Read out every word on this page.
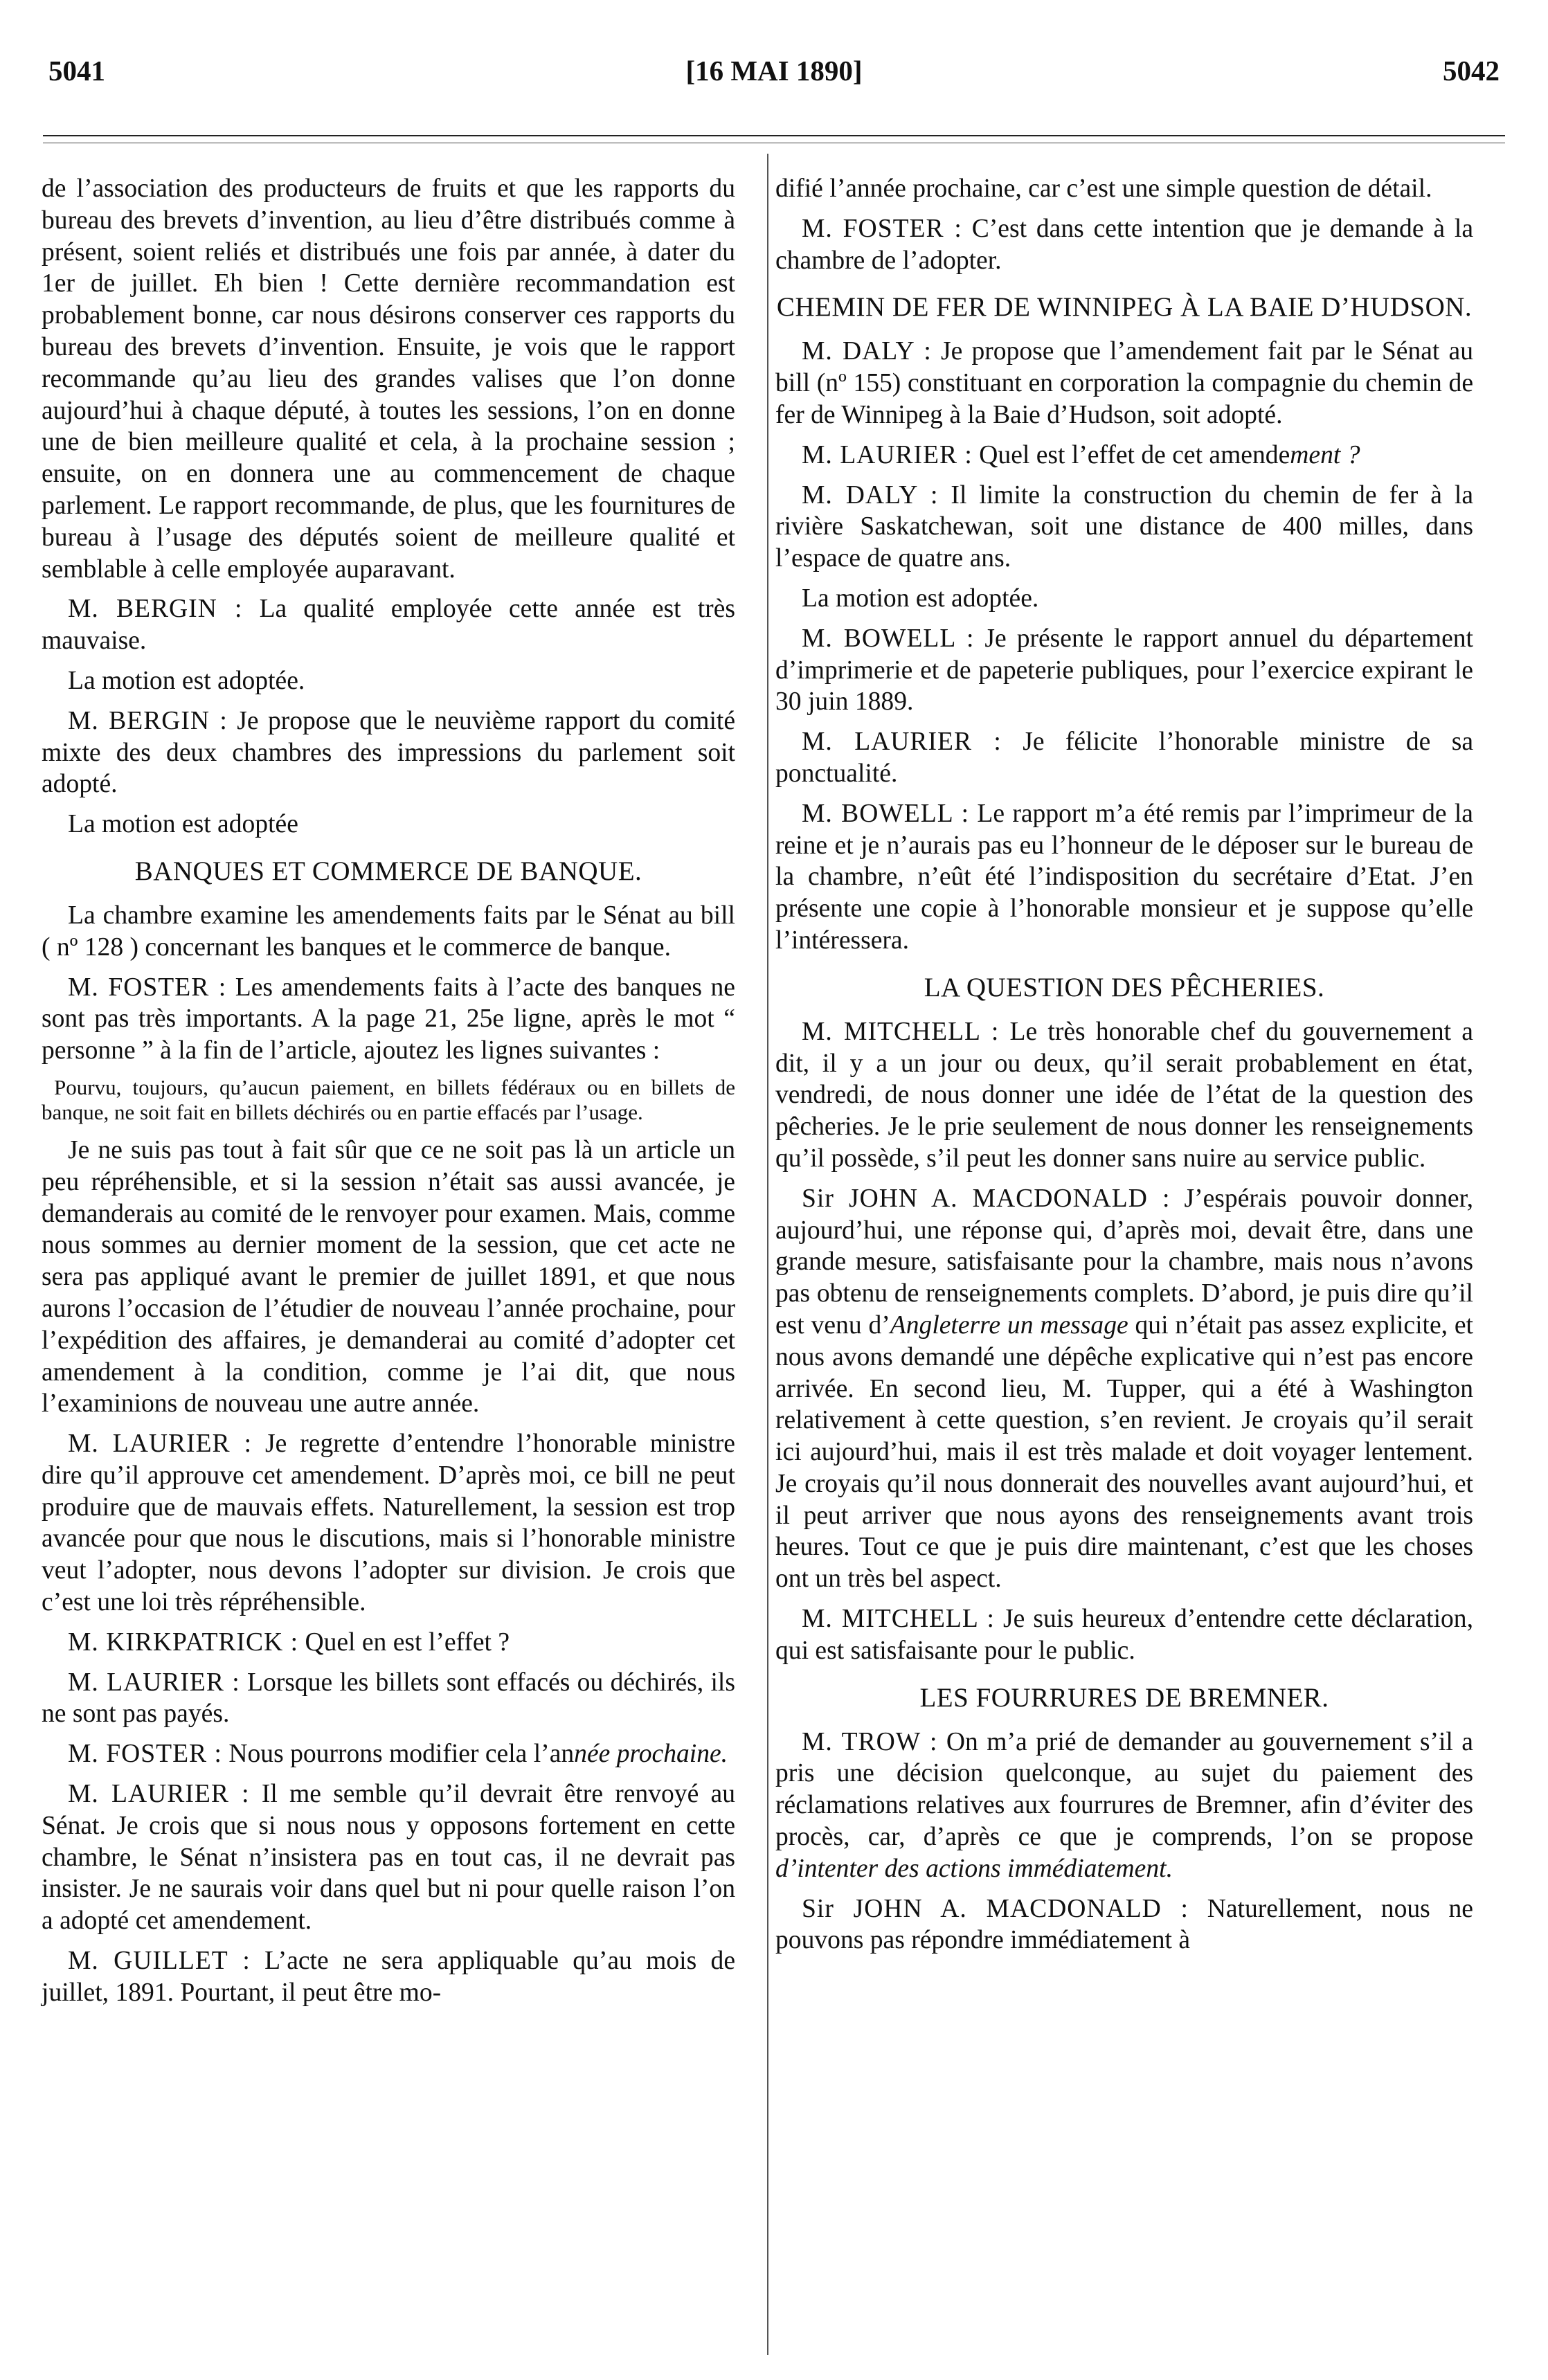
5041	[16 MAI 1890]	5042

de l’association des producteurs de fruits et que les rapports du bureau des brevets d’invention, au lieu d’être distribués comme à présent, soient reliés et distribués une fois par année, à dater du 1er de juillet. Eh bien ! Cette dernière recommandation est probablement bonne, car nous désirons conserver ces rapports du bureau des brevets d’invention. Ensuite, je vois que le rapport recommande qu’au lieu des grandes valises que l’on donne aujourd’hui à chaque député, à toutes les sessions, l’on en donne une de bien meilleure qualité et cela, à la prochaine session ; ensuite, on en donnera une au commencement de chaque parlement. Le rapport recommande, de plus, que les fournitures de bureau à l’usage des députés soient de meilleure qualité et semblable à celle employée auparavant.

M. BERGIN : La qualité employée cette année est très mauvaise.

La motion est adoptée.

M. BERGIN : Je propose que le neuvième rapport du comité mixte des deux chambres des impressions du parlement soit adopté.

La motion est adoptée

BANQUES ET COMMERCE DE BANQUE.

La chambre examine les amendements faits par le Sénat au bill ( nº 128 ) concernant les banques et le commerce de banque.

M. FOSTER : Les amendements faits à l’acte des banques ne sont pas très importants. A la page 21, 25e ligne, après le mot “ personne ” à la fin de l’article, ajoutez les lignes suivantes :

Pourvu, toujours, qu’aucun paiement, en billets fédéraux ou en billets de banque, ne soit fait en billets déchirés ou en partie effacés par l’usage.

Je ne suis pas tout à fait sûr que ce ne soit pas là un article un peu répréhensible, et si la session n’était sas aussi avancée, je demanderais au comité de le renvoyer pour examen. Mais, comme nous sommes au dernier moment de la session, que cet acte ne sera pas appliqué avant le premier de juillet 1891, et que nous aurons l’occasion de l’étudier de nouveau l’année prochaine, pour l’expédition des affaires, je demanderai au comité d’adopter cet amendement à la condition, comme je l’ai dit, que nous l’examinions de nouveau une autre année.

M. LAURIER : Je regrette d’entendre l’honorable ministre dire qu’il approuve cet amendement. D’après moi, ce bill ne peut produire que de mauvais effets. Naturellement, la session est trop avancée pour que nous le discutions, mais si l’honorable ministre veut l’adopter, nous devons l’adopter sur division. Je crois que c’est une loi très répréhensible.

M. KIRKPATRICK : Quel en est l’effet ?

M. LAURIER : Lorsque les billets sont effacés ou déchirés, ils ne sont pas payés.

M. FOSTER : Nous pourrons modifier cela l’année prochaine.

M. LAURIER : Il me semble qu’il devrait être renvoyé au Sénat. Je crois que si nous nous y opposons fortement en cette chambre, le Sénat n’insistera pas en tout cas, il ne devrait pas insister. Je ne saurais voir dans quel but ni pour quelle raison l’on a adopté cet amendement.

M. GUILLET : L’acte ne sera appliquable qu’au mois de juillet, 1891. Pourtant, il peut être mo-

difié l’année prochaine, car c’est une simple question de détail.

M. FOSTER : C’est dans cette intention que je demande à la chambre de l’adopter.

CHEMIN DE FER DE WINNIPEG À LA BAIE D’HUDSON.

M. DALY : Je propose que l’amendement fait par le Sénat au bill (nº 155) constituant en corporation la compagnie du chemin de fer de Winnipeg à la Baie d’Hudson, soit adopté.

M. LAURIER : Quel est l’effet de cet amendement ?

M. DALY : Il limite la construction du chemin de fer à la rivière Saskatchewan, soit une distance de 400 milles, dans l’espace de quatre ans.

La motion est adoptée.

M. BOWELL : Je présente le rapport annuel du département d’imprimerie et de papeterie publiques, pour l’exercice expirant le 30 juin 1889.

M. LAURIER : Je félicite l’honorable ministre de sa ponctualité.

M. BOWELL : Le rapport m’a été remis par l’imprimeur de la reine et je n’aurais pas eu l’honneur de le déposer sur le bureau de la chambre, n’eût été l’indisposition du secrétaire d’Etat. J’en présente une copie à l’honorable monsieur et je suppose qu’elle l’intéressera.

LA QUESTION DES PÊCHERIES.

M. MITCHELL : Le très honorable chef du gouvernement a dit, il y a un jour ou deux, qu’il serait probablement en état, vendredi, de nous donner une idée de l’état de la question des pêcheries. Je le prie seulement de nous donner les renseignements qu’il possède, s’il peut les donner sans nuire au service public.

Sir JOHN A. MACDONALD : J’espérais pouvoir donner, aujourd’hui, une réponse qui, d’après moi, devait être, dans une grande mesure, satisfaisante pour la chambre, mais nous n’avons pas obtenu de renseignements complets. D’abord, je puis dire qu’il est venu d’Angleterre un message qui n’était pas assez explicite, et nous avons demandé une dépêche explicative qui n’est pas encore arrivée. En second lieu, M. Tupper, qui a été à Washington relativement à cette question, s’en revient. Je croyais qu’il serait ici aujourd’hui, mais il est très malade et doit voyager lentement. Je croyais qu’il nous donnerait des nouvelles avant aujourd’hui, et il peut arriver que nous ayons des renseignements avant trois heures. Tout ce que je puis dire maintenant, c’est que les choses ont un très bel aspect.

M. MITCHELL : Je suis heureux d’entendre cette déclaration, qui est satisfaisante pour le public.

LES FOURRURES DE BREMNER.

M. TROW : On m’a prié de demander au gouvernement s’il a pris une décision quelconque, au sujet du paiement des réclamations relatives aux fourrures de Bremner, afin d’éviter des procès, car, d’après ce que je comprends, l’on se propose d’intenter des actions immédiatement.

Sir JOHN A. MACDONALD : Naturellement, nous ne pouvons pas répondre immédiatement à
